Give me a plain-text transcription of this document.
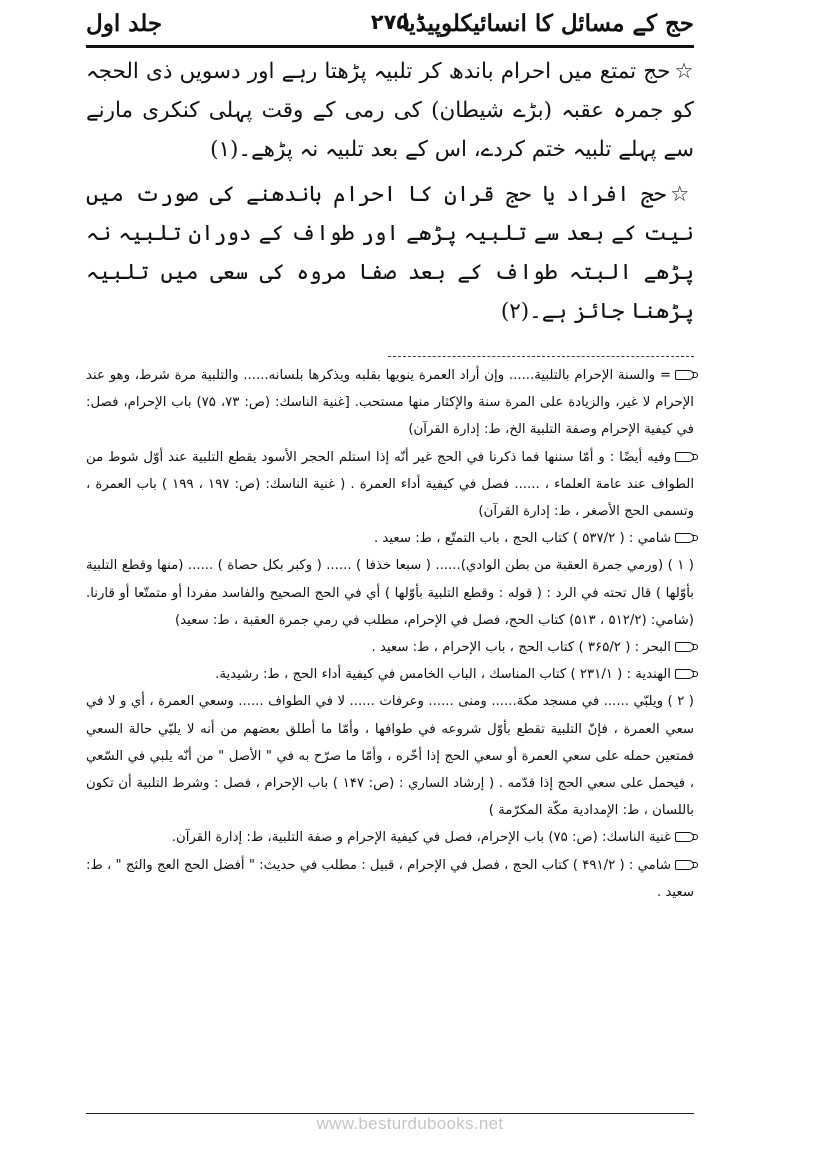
حج کے مسائل کا انسائیکلوپیڈیا
۲۷۵
جلد اول

☆حج تمتع میں احرام باندھ کر تلبیہ پڑھتا رہے اور دسویں ذی الحجہ کو جمرہ عقبہ (بڑے شیطان) کی رمی کے وقت پہلی کنکری مارنے سے پہلے تلبیہ ختم کردے، اس کے بعد تلبیہ نہ پڑھے۔(۱)

☆حج افراد یا حج قران کا احرام باندھنے کی صورت میں نیت کے بعد سے تلبیہ پڑھے اور طواف کے دوران تلبیہ نہ پڑھے البتہ طواف کے بعد صفا مروہ کی سعی میں تلبیہ پڑھنا جائز ہے۔(۲)

= والسنة الإحرام بالتلبية...... وإن أراد العمرة ينويها بقلبه ويذكرها بلسانه...... والتلبية مرة شرط، وهو عند الإحرام لا غير، والزيادة على المرة سنة والإكثار منها مستحب. [غنية الناسك: (ص: ۷۳، ۷۵) باب الإحرام، فصل: في كيفية الإحرام وصفة التلبية الخ، ط: إدارة القرآن)

وفيه أيضًا : و أمّا سننها فما ذكرنا في الحج غير أنّه إذا استلم الحجر الأسود يقطع التلبية عند أوّل شوط من الطواف عند عامة العلماء ، ...... فصل في كيفية أداء العمرة . ( غنية الناسك: (ص: ۱۹۷ ، ۱۹۹ ) باب العمرة ، وتسمى الحج الأصغر ، ط: إدارة القرآن)

شامي : ( ۵۳۷/۲ ) كتاب الحج ، باب التمتّع ، ط: سعيد .

( ۱ ) (ورمي جمرة العقبة من بطن الوادي)...... ( سبعا خذفا ) ...... ( وكبر بكل حصاة ) ...... (منها وقطع التلبية بأوّلها ) قال تحته في الرد : ( قوله : وقطع التلبية بأوّلها ) أي في الحج الصحيح والفاسد مفردا أو متمتّعا أو قارنا. (شامي: (۵۱۲/۲ ، ۵۱۳) كتاب الحج، فصل في الإحرام، مطلب في رمي جمرة العقبة ، ط: سعيد)

البحر : ( ۳۶۵/۲ ) كتاب الحج ، باب الإحرام ، ط: سعيد .

الهندية : ( ۲۳۱/۱ ) كتاب المناسك ، الباب الخامس في كيفية أداء الحج ، ط: رشيدية.

( ۲ ) ويلبّي ...... في مسجد مكة...... ومنى ...... وعرفات ...... لا في الطواف ...... وسعي العمرة ، أي و لا في سعي العمرة ، فإنّ التلبية تقطع بأوّل شروعه في طوافها ، وأمّا ما أطلق بعضهم من أنه لا يلبّي حالة السعي فمتعين حمله على سعي العمرة أو سعي الحج إذا أخّره ، وأمّا ما صرّح به في " الأصل " من أنّه يلبي في السّعي ، فيحمل على سعي الحج إذا قدّمه . ( إرشاد الساري : (ص: ۱۴۷ ) باب الإحرام ، فصل : وشرط التلبية أن تكون باللسان ، ط: الإمدادية مكّة المكرّمة )

غنية الناسك: (ص: ۷۵) باب الإحرام، فصل في كيفية الإحرام و صفة التلبية، ط: إدارة القرآن.

شامي : ( ۴۹۱/۲ ) كتاب الحج ، فصل في الإحرام ، قبيل : مطلب في حديث: " أفضل الحج العج والثج " ، ط: سعيد .

www.besturdubooks.net
